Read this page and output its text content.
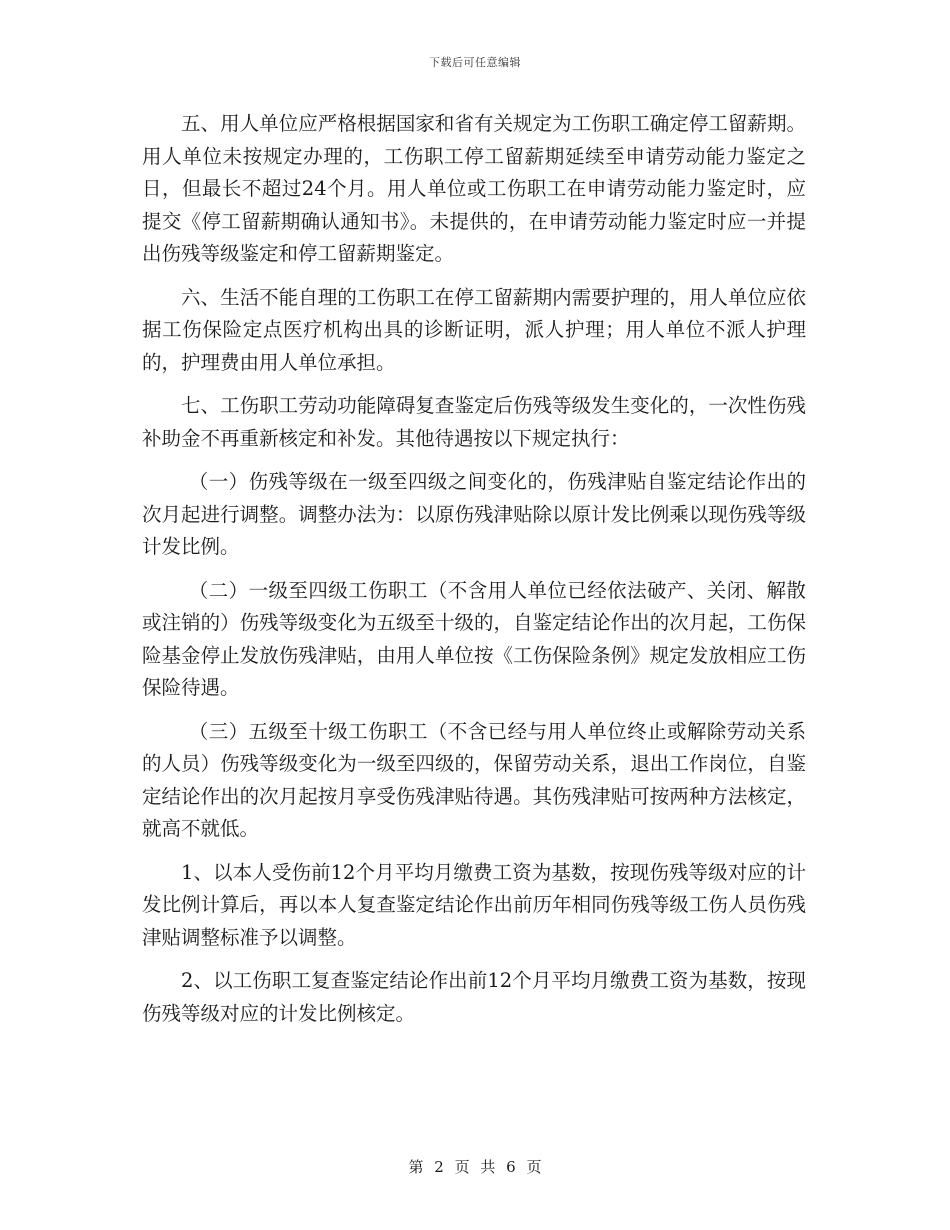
下载后可任意编辑

五、用人单位应严格根据国家和省有关规定为工伤职工确定停工留薪期。用人单位未按规定办理的，工伤职工停工留薪期延续至申请劳动能力鉴定之日，但最长不超过24个月。用人单位或工伤职工在申请劳动能力鉴定时，应提交《停工留薪期确认通知书》。未提供的，在申请劳动能力鉴定时应一并提出伤残等级鉴定和停工留薪期鉴定。

六、生活不能自理的工伤职工在停工留薪期内需要护理的，用人单位应依据工伤保险定点医疗机构出具的诊断证明，派人护理；用人单位不派人护理的，护理费由用人单位承担。

七、工伤职工劳动功能障碍复查鉴定后伤残等级发生变化的，一次性伤残补助金不再重新核定和补发。其他待遇按以下规定执行：

（一）伤残等级在一级至四级之间变化的，伤残津贴自鉴定结论作出的次月起进行调整。调整办法为：以原伤残津贴除以原计发比例乘以现伤残等级计发比例。

（二）一级至四级工伤职工（不含用人单位已经依法破产、关闭、解散或注销的）伤残等级变化为五级至十级的，自鉴定结论作出的次月起，工伤保险基金停止发放伤残津贴，由用人单位按《工伤保险条例》规定发放相应工伤保险待遇。

（三）五级至十级工伤职工（不含已经与用人单位终止或解除劳动关系的人员）伤残等级变化为一级至四级的，保留劳动关系，退出工作岗位，自鉴定结论作出的次月起按月享受伤残津贴待遇。其伤残津贴可按两种方法核定，就高不就低。

1、以本人受伤前12个月平均月缴费工资为基数，按现伤残等级对应的计发比例计算后，再以本人复查鉴定结论作出前历年相同伤残等级工伤人员伤残津贴调整标准予以调整。

2、以工伤职工复查鉴定结论作出前12个月平均月缴费工资为基数，按现伤残等级对应的计发比例核定。

第 2 页 共 6 页
